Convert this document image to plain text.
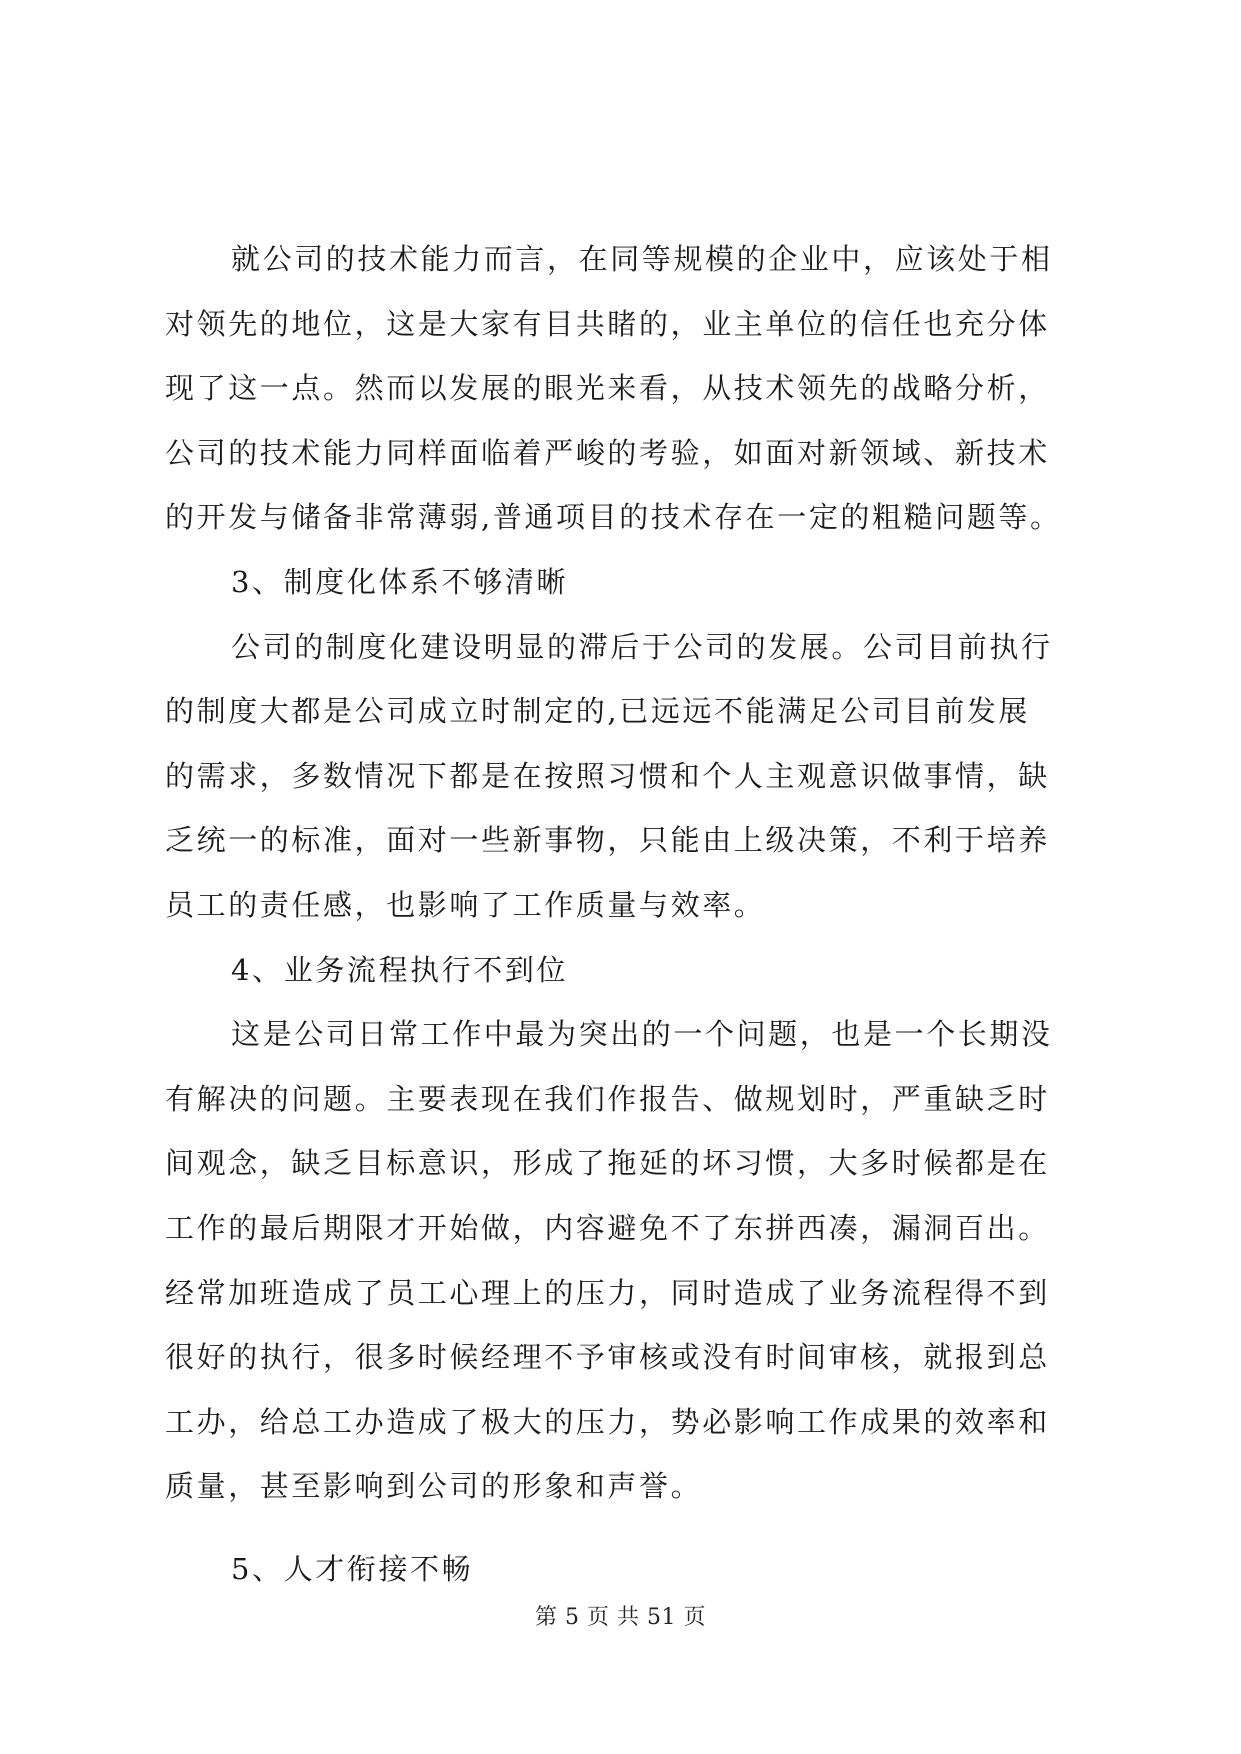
就公司的技术能力而言，在同等规模的企业中，应该处于相
对领先的地位，这是大家有目共睹的，业主单位的信任也充分体
现了这一点。然而以发展的眼光来看，从技术领先的战略分析，
公司的技术能力同样面临着严峻的考验，如面对新领域、新技术
的开发与储备非常薄弱,普通项目的技术存在一定的粗糙问题等。
3、制度化体系不够清晰
公司的制度化建设明显的滞后于公司的发展。公司目前执行
的制度大都是公司成立时制定的,已远远不能满足公司目前发展
的需求，多数情况下都是在按照习惯和个人主观意识做事情，缺
乏统一的标准，面对一些新事物，只能由上级决策，不利于培养
员工的责任感，也影响了工作质量与效率。
4、业务流程执行不到位
这是公司日常工作中最为突出的一个问题，也是一个长期没
有解决的问题。主要表现在我们作报告、做规划时，严重缺乏时
间观念，缺乏目标意识，形成了拖延的坏习惯，大多时候都是在
工作的最后期限才开始做，内容避免不了东拼西凑，漏洞百出。
经常加班造成了员工心理上的压力，同时造成了业务流程得不到
很好的执行，很多时候经理不予审核或没有时间审核，就报到总
工办，给总工办造成了极大的压力，势必影响工作成果的效率和
质量，甚至影响到公司的形象和声誉。
5、人才衔接不畅
第 5 页 共 51 页
